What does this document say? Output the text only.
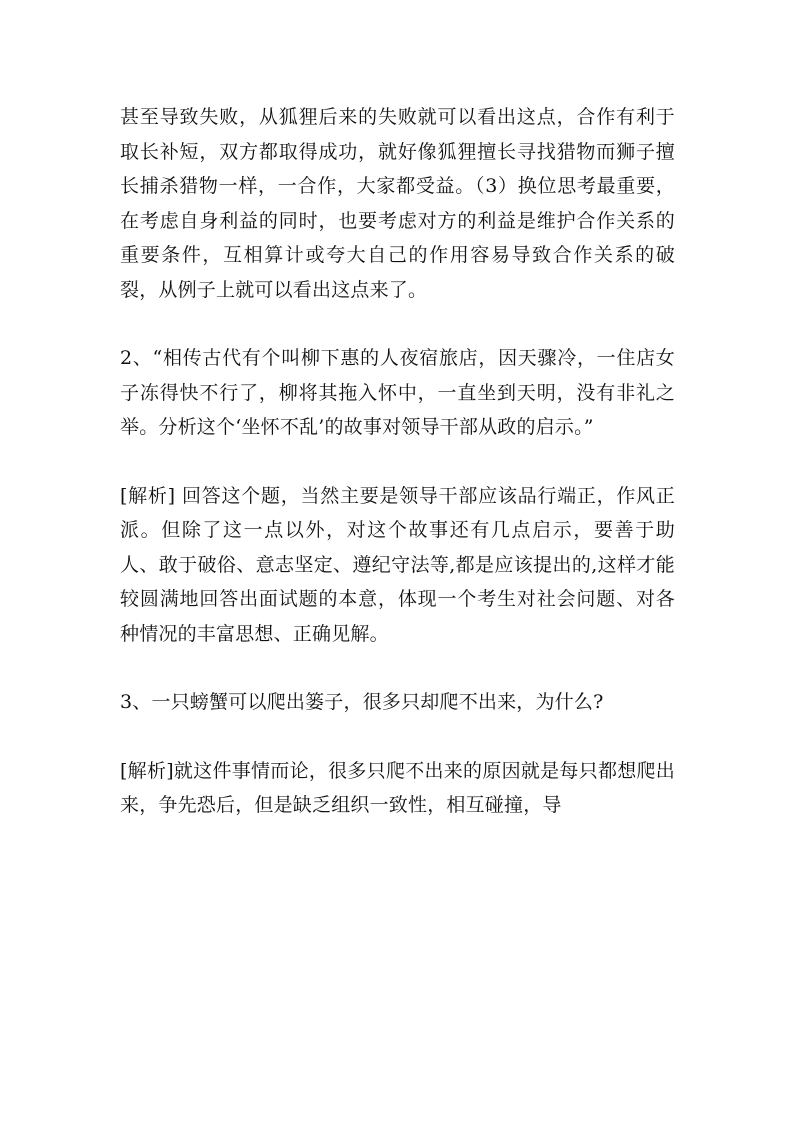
甚至导致失败，从狐狸后来的失败就可以看出这点，合作有利于取长补短，双方都取得成功，就好像狐狸擅长寻找猎物而狮子擅长捕杀猎物一样，一合作，大家都受益。（3）换位思考最重要，在考虑自身利益的同时，也要考虑对方的利益是维护合作关系的重要条件，互相算计或夸大自己的作用容易导致合作关系的破裂，从例子上就可以看出这点来了。

2、“相传古代有个叫柳下惠的人夜宿旅店，因天骤冷，一住店女子冻得快不行了，柳将其拖入怀中，一直坐到天明，没有非礼之举。分析这个‘坐怀不乱’的故事对领导干部从政的启示。”

[解析] 回答这个题，当然主要是领导干部应该品行端正，作风正派。但除了这一点以外，对这个故事还有几点启示，要善于助人、敢于破俗、意志坚定、遵纪守法等,都是应该提出的,这样才能较圆满地回答出面试题的本意，体现一个考生对社会问题、对各种情况的丰富思想、正确见解。

3、一只螃蟹可以爬出篓子，很多只却爬不出来，为什么?

[解析]就这件事情而论，很多只爬不出来的原因就是每只都想爬出来，争先恐后，但是缺乏组织一致性，相互碰撞，导
